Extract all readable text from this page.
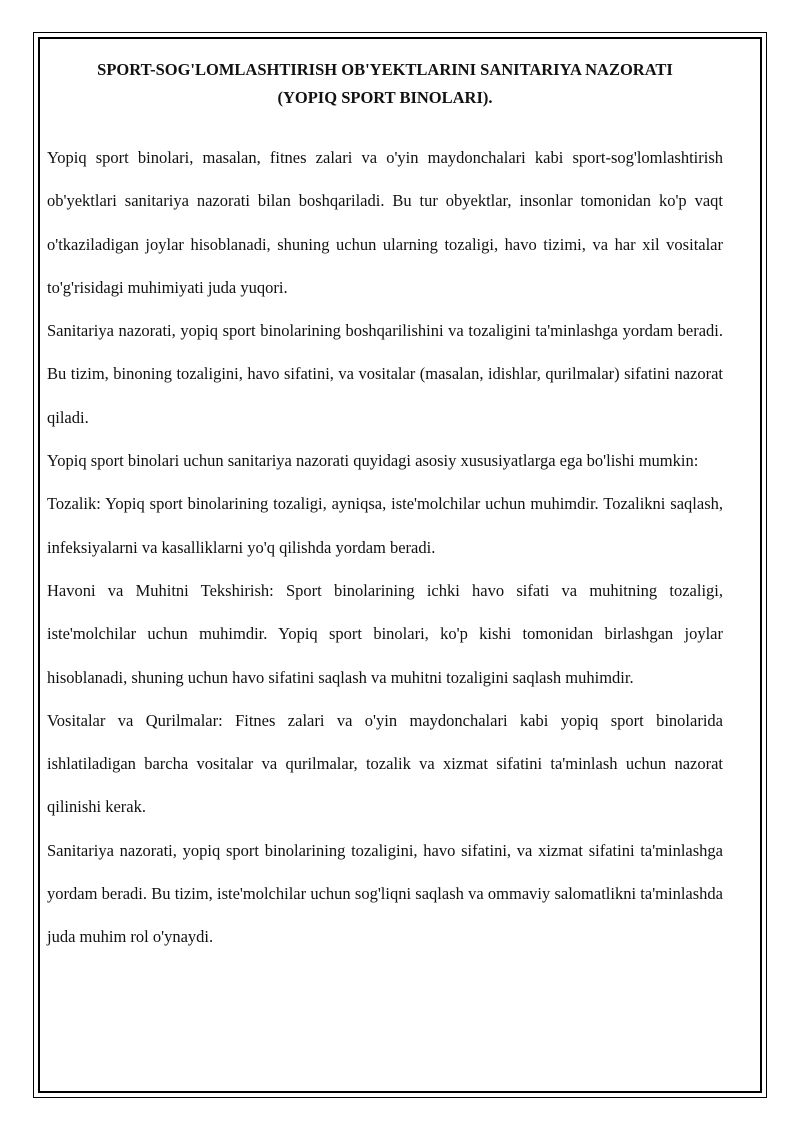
SPORT-SOG'LOMLASHTIRISH OB'YEKTLARINI SANITARIYA NAZORATI
(YOPIQ SPORT BINOLARI).

Yopiq sport binolari, masalan, fitnes zalari va o'yin maydonchalari kabi sport-sog'lomlashtirish ob'yektlari sanitariya nazorati bilan boshqariladi. Bu tur obyektlar, insonlar tomonidan ko'p vaqt o'tkaziladigan joylar hisoblanadi, shuning uchun ularning tozaligi, havo tizimi, va har xil vositalar to'g'risidagi muhimiyati juda yuqori.

Sanitariya nazorati, yopiq sport binolarining boshqarilishini va tozaligini ta'minlashga yordam beradi. Bu tizim, binoning tozaligini, havo sifatini, va vositalar (masalan, idishlar, qurilmalar) sifatini nazorat qiladi.

Yopiq sport binolari uchun sanitariya nazorati quyidagi asosiy xususiyatlarga ega bo'lishi mumkin:

Tozalik: Yopiq sport binolarining tozaligi, ayniqsa, iste'molchilar uchun muhimdir. Tozalikni saqlash, infeksiyalarni va kasalliklarni yo'q qilishda yordam beradi.

Havoni va Muhitni Tekshirish: Sport binolarining ichki havo sifati va muhitning tozaligi, iste'molchilar uchun muhimdir. Yopiq sport binolari, ko'p kishi tomonidan birlashgan joylar hisoblanadi, shuning uchun havo sifatini saqlash va muhitni tozaligini saqlash muhimdir.

Vositalar va Qurilmalar: Fitnes zalari va o'yin maydonchalari kabi yopiq sport binolarida ishlatiladigan barcha vositalar va qurilmalar, tozalik va xizmat sifatini ta'minlash uchun nazorat qilinishi kerak.

Sanitariya nazorati, yopiq sport binolarining tozaligini, havo sifatini, va xizmat sifatini ta'minlashga yordam beradi. Bu tizim, iste'molchilar uchun sog'liqni saqlash va ommaviy salomatlikni ta'minlashda juda muhim rol o'ynaydi.
